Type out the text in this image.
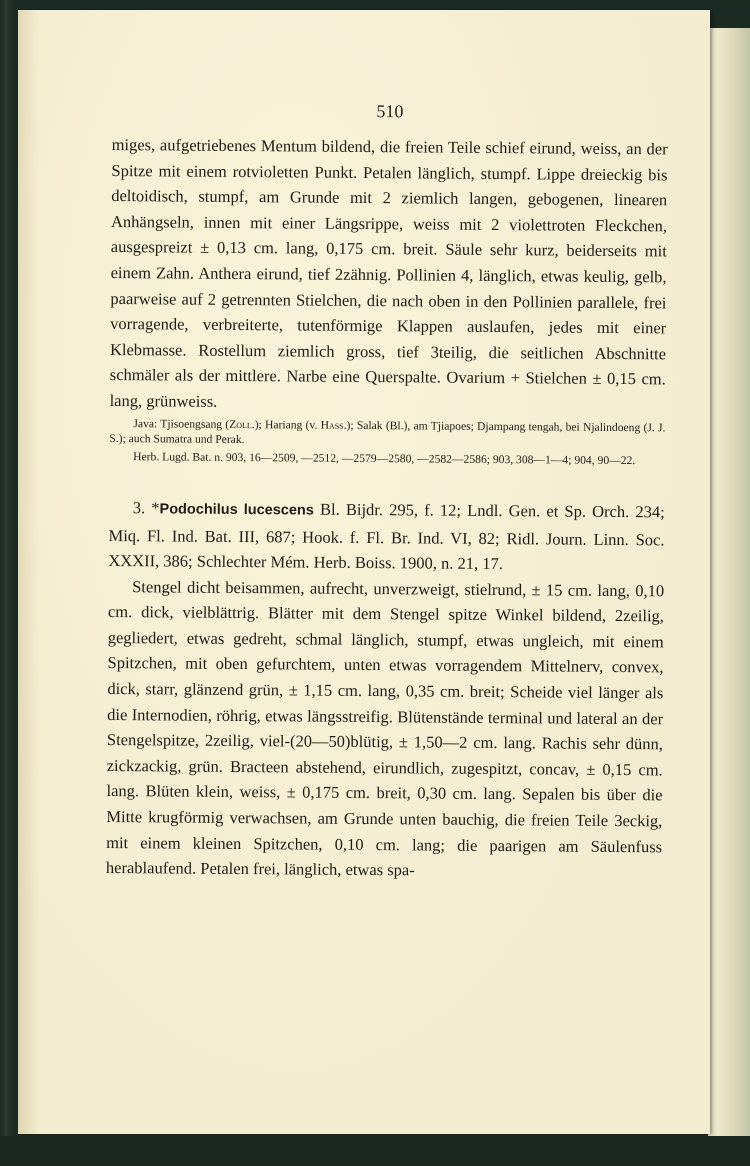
510

miges, aufgetriebenes Mentum bildend, die freien Teile schief eirund, weiss, an der Spitze mit einem rotvioletten Punkt. Petalen länglich, stumpf. Lippe dreieckig bis deltoidisch, stumpf, am Grunde mit 2 ziemlich langen, gebogenen, linearen Anhängseln, innen mit einer Längsrippe, weiss mit 2 violettroten Fleckchen, ausgespreizt ± 0,13 cm. lang, 0,175 cm. breit. Säule sehr kurz, beiderseits mit einem Zahn. Anthera eirund, tief 2zähnig. Pollinien 4, länglich, etwas keulig, gelb, paarweise auf 2 getrennten Stielchen, die nach oben in den Pollinien parallele, frei vorragende, verbreiterte, tutenförmige Klappen auslaufen, jedes mit einer Klebmasse. Rostellum ziemlich gross, tief 3teilig, die seitlichen Abschnitte schmäler als der mittlere. Narbe eine Querspalte. Ovarium + Stielchen ± 0,15 cm. lang, grünweiss.

Java: Tjisoengsang (Zoll.); Hariang (v. Hass.); Salak (Bl.), am Tjiapoes; Djampang tengah, bei Njalindoeng (J. J. S.); auch Sumatra und Perak.

Herb. Lugd. Bat. n. 903, 16—2509, —2512, —2579—2580, —2582—2586; 903, 308—1—4; 904, 90—22.

3. *Podochilus lucescens Bl. Bijdr. 295, f. 12; Lndl. Gen. et Sp. Orch. 234; Miq. Fl. Ind. Bat. III, 687; Hook. f. Fl. Br. Ind. VI, 82; Ridl. Journ. Linn. Soc. XXXII, 386; Schlechter Mém. Herb. Boiss. 1900, n. 21, 17.

Stengel dicht beisammen, aufrecht, unverzweigt, stielrund, ± 15 cm. lang, 0,10 cm. dick, vielblättrig. Blätter mit dem Stengel spitze Winkel bildend, 2zeilig, gegliedert, etwas gedreht, schmal länglich, stumpf, etwas ungleich, mit einem Spitzchen, mit oben gefurchtem, unten etwas vorragendem Mittelnerv, convex, dick, starr, glänzend grün, ± 1,15 cm. lang, 0,35 cm. breit; Scheide viel länger als die Internodien, röhrig, etwas längsstreifig. Blütenstände terminal und lateral an der Stengelspitze, 2zeilig, viel-(20—50)blütig, ± 1,50—2 cm. lang. Rachis sehr dünn, zickzackig, grün. Bracteen abstehend, eirundlich, zugespitzt, concav, ± 0,15 cm. lang. Blüten klein, weiss, ± 0,175 cm. breit, 0,30 cm. lang. Sepalen bis über die Mitte krugförmig verwachsen, am Grunde unten bauchig, die freien Teile 3eckig, mit einem kleinen Spitzchen, 0,10 cm. lang; die paarigen am Säulenfuss herablaufend. Petalen frei, länglich, etwas spa-
